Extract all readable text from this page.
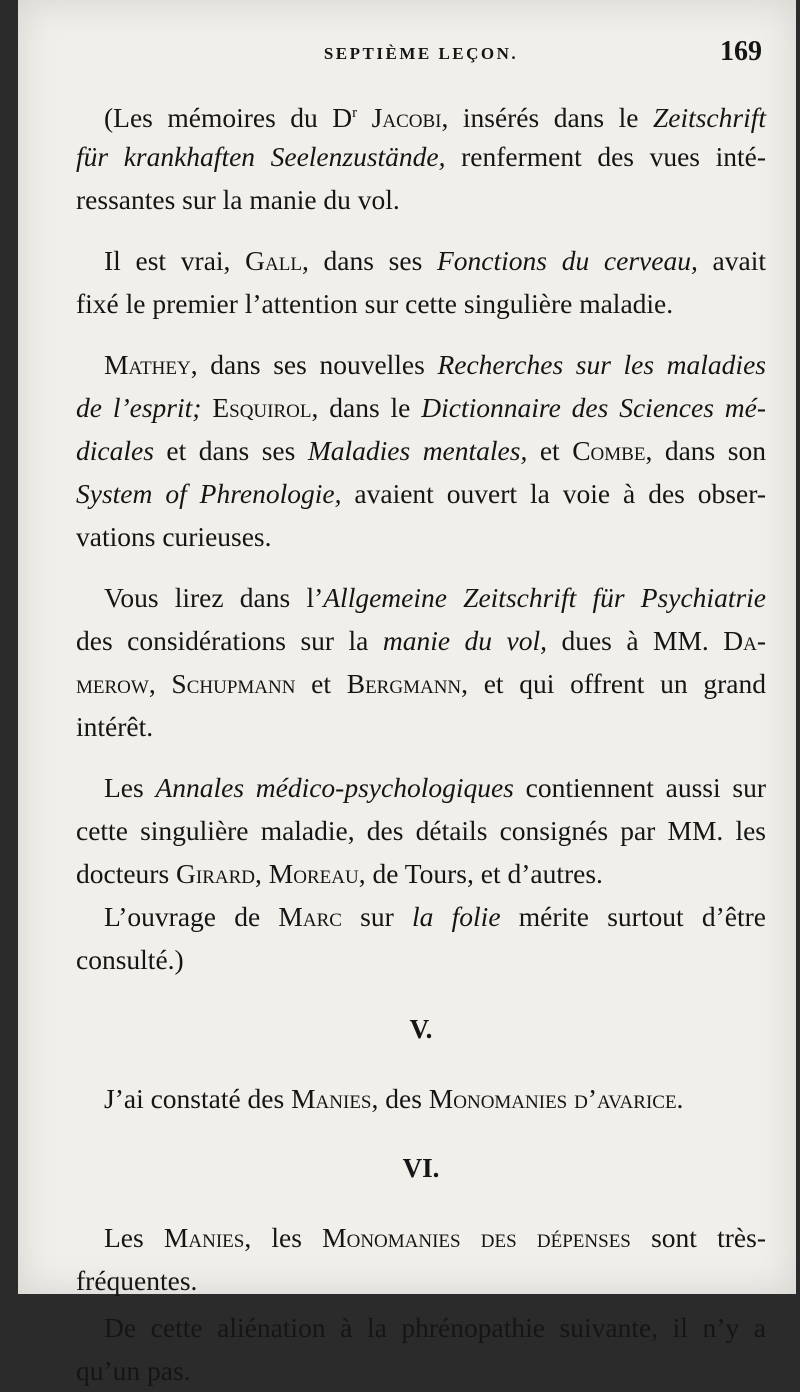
SEPTIÈME LEÇON.	169
(Les mémoires du $D^r$ Jacobi, insérés dans le Zeitschrift
für krankhaften Seelenzustände, renferment des vues inté-
ressantes sur la manie du vol.
Il est vrai, Gall, dans ses Fonctions du cerveau, avait
fixé le premier l’attention sur cette singulière maladie.
Mathey, dans ses nouvelles Recherches sur les maladies
de l’esprit; Esquirol, dans le Dictionnaire des Sciences mé-
dicales et dans ses Maladies mentales, et Combe, dans son
System of Phrenologie, avaient ouvert la voie à des obser-
vations curieuses.
Vous lirez dans l’Allgemeine Zeitschrift für Psychiatrie
des considérations sur la manie du vol, dues à MM. Da-
merow, Schupmann et Bergmann, et qui offrent un grand
intérêt.
Les Annales médico-psychologiques contiennent aussi sur
cette singulière maladie, des détails consignés par MM. les
docteurs Girard, Moreau, de Tours, et d’autres.
L’ouvrage de Marc sur la folie mérite surtout d’être
consulté.)
V.
J’ai constaté des Manies, des Monomanies d’avarice.
VI.
Les Manies, les Monomanies des dépenses sont très-
fréquentes.
De cette aliénation à la phrénopathie suivante, il n’y a
qu’un pas.
